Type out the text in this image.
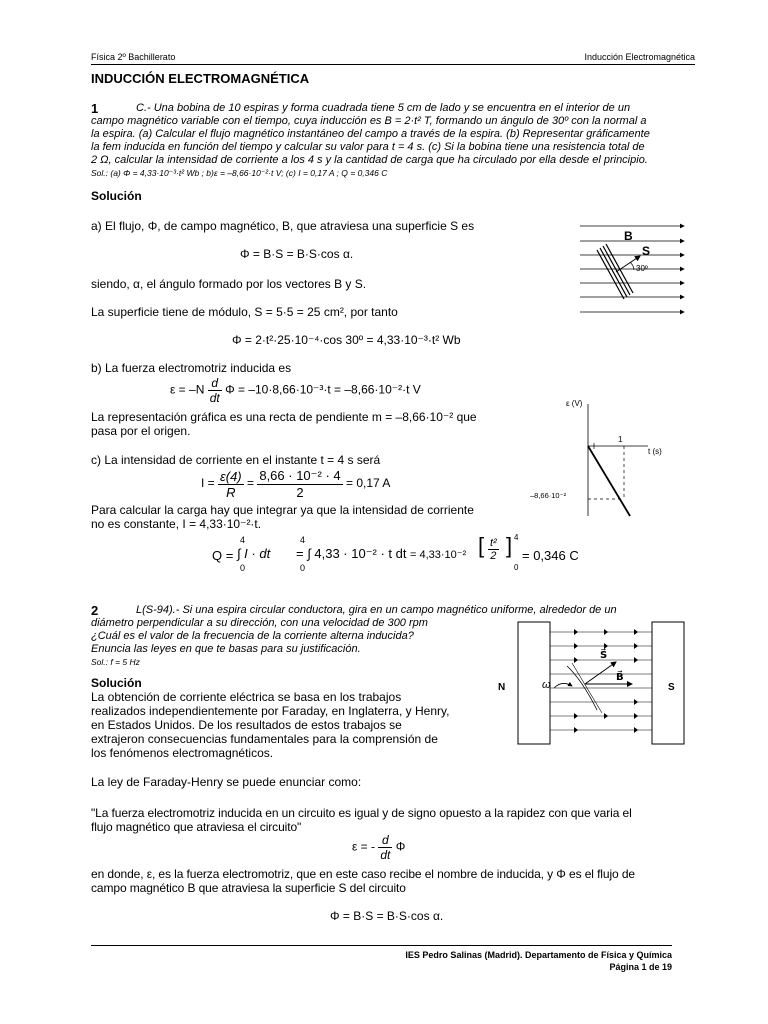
Física 2º Bachillerato	Inducción Electromagnética
INDUCCIÓN ELECTROMAGNÉTICA
1	C.- Una bobina de 10 espiras y forma cuadrada tiene 5 cm de lado y se encuentra en el interior de un
campo magnético variable con el tiempo, cuya inducción es B = 2·t² T, formando un ángulo de 30º con la normal a
la espira. (a) Calcular el flujo magnético instantáneo del campo a través de la espira. (b) Representar gráficamente
la fem inducida en función del tiempo y calcular su valor para t = 4 s. (c) Si la bobina tiene una resistencia total de
2 Ω, calcular la intensidad de corriente a los 4 s y la cantidad de carga que ha circulado por ella desde el principio.
Sol.: (a) Φ = 4,33·10⁻³·t² Wb ; b)ε = –8,66·10⁻²·t V; (c) I = 0,17 A ; Q = 0,346 C
Solución
a) El flujo, Φ, de campo magnético, B, que atraviesa una superficie S es
Φ = B·S = B·S·cos α.
siendo, α, el ángulo formado por los vectores B y S.
La superficie tiene de módulo, S = 5·5 = 25 cm², por tanto
Φ = 2·t²·25·10⁻⁴·cos 30º = 4,33·10⁻³·t² Wb
B
S
30º
b) La fuerza electromotriz inducida es
$\varepsilon = -N \frac{d}{dt}$ Φ = –10·8,66·10⁻³·t = –8,66·10⁻²·t V
La representación gráfica es una recta de pendiente m = –8,66·10⁻² que
pasa por el origen.
ε (V)
t (s)
1
–8,66·10⁻²
c) La intensidad de corriente en el instante t = 4 s será
$I = \frac{\varepsilon(4)}{R} = \frac{\text{8,66 · 10⁻² · 4}}{2} = 0,17$ A
Para calcular la carga hay que integrar ya que la intensidad de corriente
no es constante, I = 4,33·10⁻²·t.
Q =
4
0
∫ I · dt
4
0
= ∫ 4,33 · 10⁻² · t dt = 4,33·10⁻² [ $\frac{\text{t²}}{2}$ ] 4
0
= 0,346 C
2	L(S-94).- Si una espira circular conductora, gira en un campo magnético uniforme, alrededor de un
diámetro perpendicular a su dirección, con una velocidad de 300 rpm
¿Cuál es el valor de la frecuencia de la corriente alterna inducida?
Enuncia las leyes en que te basas para su justificación.
Sol.: f = 5 Hz
Solución
La obtención de corriente eléctrica se basa en los trabajos
realizados independientemente por Faraday, en Inglaterra, y Henry,
en Estados Unidos. De los resultados de estos trabajos se
extrajeron consecuencias fundamentales para la comprensión de
los fenómenos electromagnéticos.
N	S
S⃗
B⃗
ω
La ley de Faraday-Henry se puede enunciar como:
"La fuerza electromotriz inducida en un circuito es igual y de signo opuesto a la rapidez con que varia el
flujo magnético que atraviesa el circuito"
ε = - $\frac{d}{dt}$ Φ
en donde, ε, es la fuerza electromotriz, que en este caso recibe el nombre de inducida, y Φ es el flujo de
campo magnético B que atraviesa la superficie S del circuito
Φ = B·S = B·S·cos α.
IES Pedro Salinas (Madrid). Departamento de Física y Química
Página 1 de 19
